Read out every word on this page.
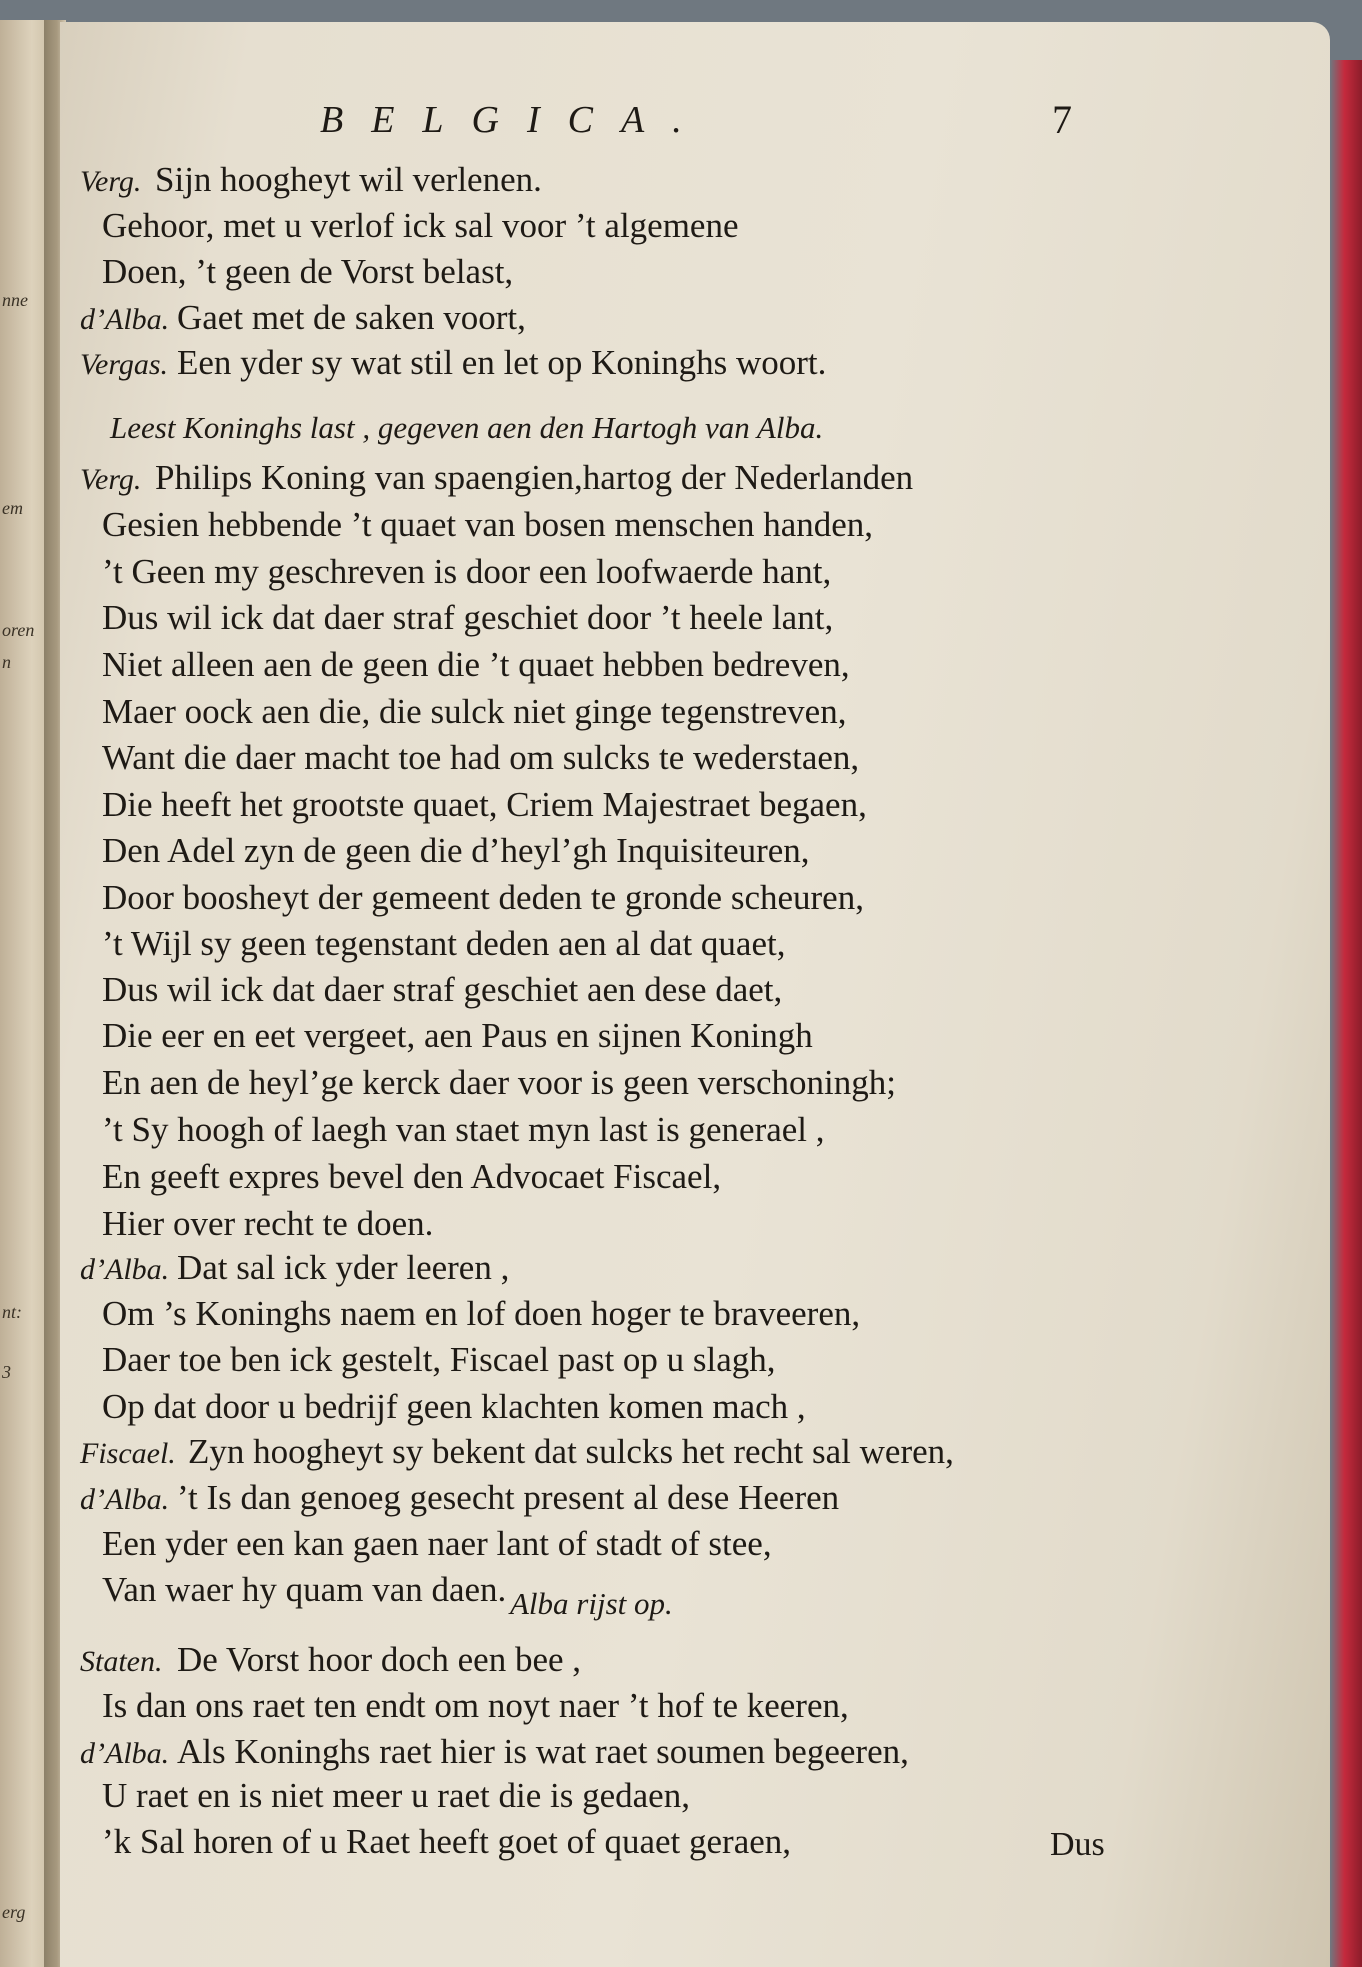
nne
em
oren
n
nt:
3
erg
BELGICA.	7
Verg. Sijn hoogheyt wil verlenen.
Gehoor, met u verlof ick sal voor ’t algemene
Doen, ’t geen de Vorst belast,
d’Alba. Gaet met de saken voort,
Vergas. Een yder sy wat stil en let op Koninghs woort.
Verg. Philips Koning van spaengien,hartog der Nederlanden
Gesien hebbende ’t quaet van bosen menschen handen,
’t Geen my geschreven is door een loofwaerde hant,
Dus wil ick dat daer straf geschiet door ’t heele lant,
Niet alleen aen de geen die ’t quaet hebben bedreven,
Maer oock aen die, die sulck niet ginge tegenstreven,
Want die daer macht toe had om sulcks te wederstaen,
Die heeft het grootste quaet, Criem Majestraet begaen,
Den Adel zyn de geen die d’heyl’gh Inquisiteuren,
Door boosheyt der gemeent deden te gronde scheuren,
’t Wijl sy geen tegenstant deden aen al dat quaet,
Dus wil ick dat daer straf geschiet aen dese daet,
Die eer en eet vergeet, aen Paus en sijnen Koningh
En aen de heyl’ge kerck daer voor is geen verschoningh;
’t Sy hoogh of laegh van staet myn last is generael ,
En geeft expres bevel den Advocaet Fiscael,
Hier over recht te doen.
d’Alba. Dat sal ick yder leeren ,
Om ’s Koninghs naem en lof doen hoger te braveeren,
Daer toe ben ick gestelt, Fiscael past op u slagh,
Op dat door u bedrijf geen klachten komen mach ,
Fiscael. Zyn hoogheyt sy bekent dat sulcks het recht sal weren,
d’Alba. ’t Is dan genoeg gesecht present al dese Heeren
Een yder een kan gaen naer lant of stadt of stee,
Van waer hy quam van daen.
Staten. De Vorst hoor doch een bee ,
Is dan ons raet ten endt om noyt naer ’t hof te keeren,
d’Alba. Als Koninghs raet hier is wat raet soumen begeeren,
U raet en is niet meer u raet die is gedaen,
’k Sal horen of u Raet heeft goet of quaet geraen,
Leest Koninghs last , gegeven aen den Hartogh van Alba.
Alba rijst op.
Dus
